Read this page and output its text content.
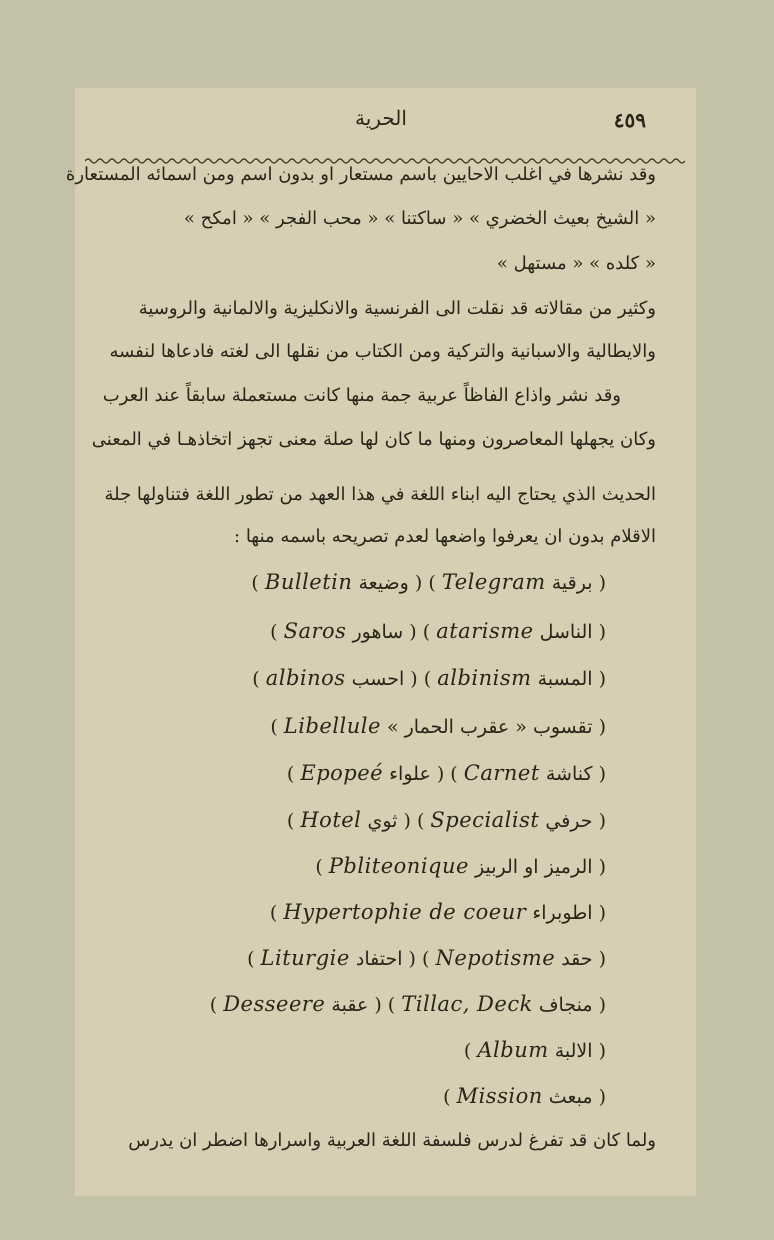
٤٥٩
الحرية
وقد نشرها في اغلب الاحايين باسم مستعار او بدون اسم ومن اسمائه المستعارة
« الشيخ بعيث الخضري » « ساكتنا » « محب الفجر » « امكح »
« كلده » « مستهل »
وكثير من مقالاته قد نقلت الى الفرنسية والانكليزية والالمانية والروسية
والايطالية والاسبانية والتركية ومن الكتاب من نقلها الى لغته فادعاها لنفسه
وقد نشر واذاع الفاظاً عربية جمة منها كانت مستعملة سابقاً عند العرب
وكان يجهلها المعاصرون ومنها ما كان لها صلة معنى تجهز اتخاذهـا في المعنى
الحديث الذي يحتاج اليه ابناء اللغة في هذا العهد من تطور اللغة فتناولها جلة
الاقلام بدون ان يعرفوا واضعها لعدم تصريحه باسمه منها :
( برقية Telegram ) ( وضيعة Bulletin )
( الناسل atarisme ) ( ساهور Saros )
( المسبة albinism ) ( احسب albinos )
( تقسوب « عقرب الحمار » Libellule )
( كناشة Carnet ) ( علواء Epopeé )
( حرفي Specialist ) ( ثوي Hotel )
( الرميز او الربيز Pbliteonique )
( اطوبراء Hypertophie de coeur )
( حقد Nepotisme ) ( احتفاد Liturgie )
( منجاف Tillac, Deck ) ( عقبة Desseere )
( الالبة Album )
( مبعث Mission )
ولما كان قد تفرغ لدرس فلسفة اللغة العربية واسرارها اضطر ان يدرس
